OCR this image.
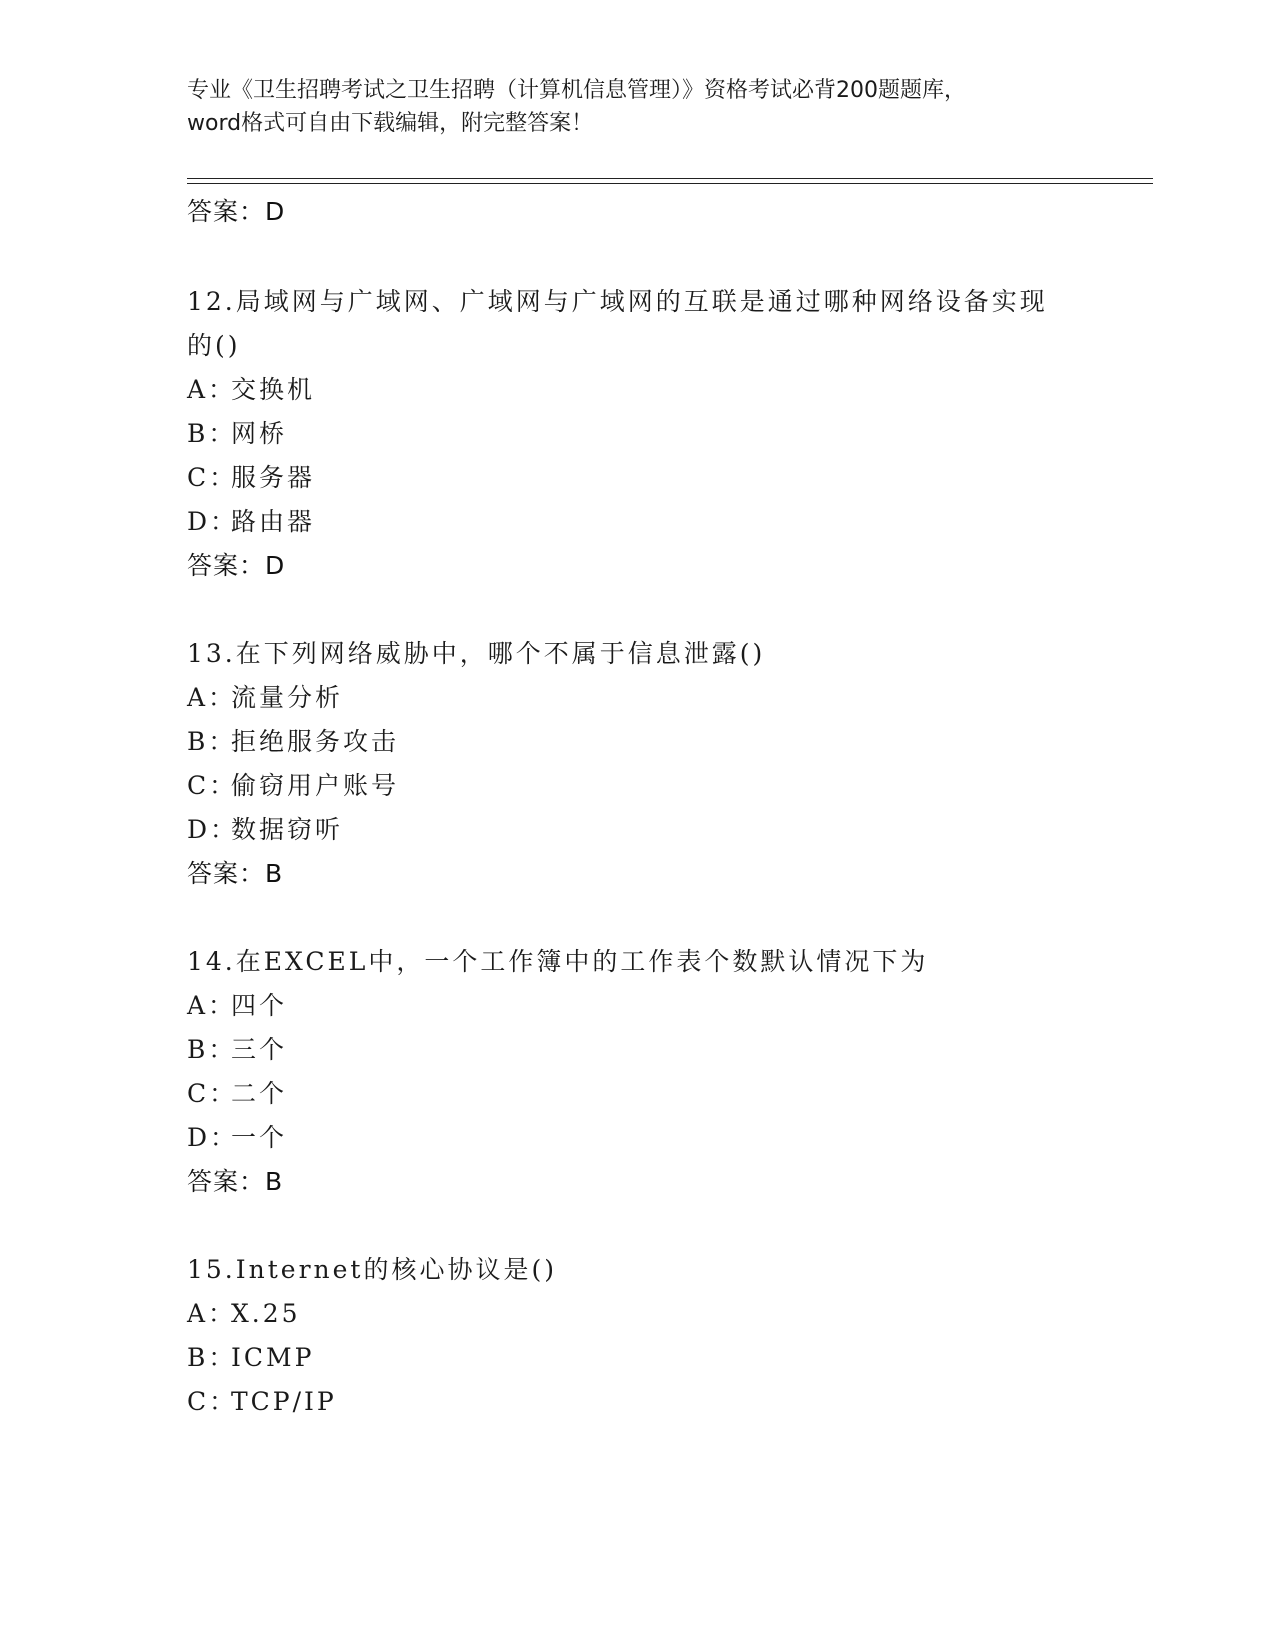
专业《卫生招聘考试之卫生招聘（计算机信息管理）》资格考试必背200题题库，
word格式可自由下载编辑，附完整答案！
答案：D
12.局域网与广域网、广域网与广域网的互联是通过哪种网络设备实现
的()
A：交换机
B：网桥
C：服务器
D：路由器
答案：D
13.在下列网络威胁中，哪个不属于信息泄露()
A：流量分析
B：拒绝服务攻击
C：偷窃用户账号
D：数据窃听
答案：B
14.在EXCEL中，一个工作簿中的工作表个数默认情况下为
A：四个
B：三个
C：二个
D：一个
答案：B
15.Internet的核心协议是()
A：X.25
B：ICMP
C：TCP/IP
